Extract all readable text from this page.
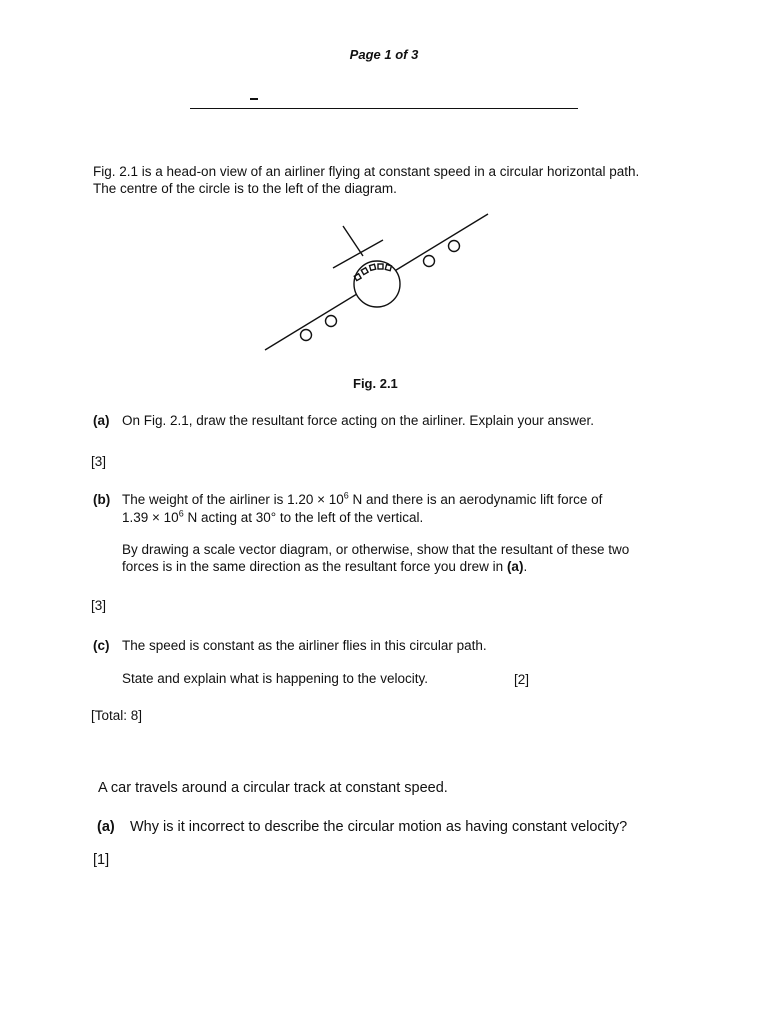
Page 1 of 3
Fig. 2.1 is a head-on view of an airliner flying at constant speed in a circular horizontal path.
The centre of the circle is to the left of the diagram.
Fig. 2.1
(a) On Fig. 2.1, draw the resultant force acting on the airliner. Explain your answer.
[3]
(b) The weight of the airliner is $1.20 \times 10^6$ N and there is an aerodynamic lift force of
$1.39 \times 10^6$ N acting at 30° to the left of the vertical.
By drawing a scale vector diagram, or otherwise, show that the resultant of these two
forces is in the same direction as the resultant force you drew in (a).
[3]
(c) The speed is constant as the airliner flies in this circular path.
State and explain what is happening to the velocity.	[2]
[Total: 8]
A car travels around a circular track at constant speed.
(a) Why is it incorrect to describe the circular motion as having constant velocity?
[1]
